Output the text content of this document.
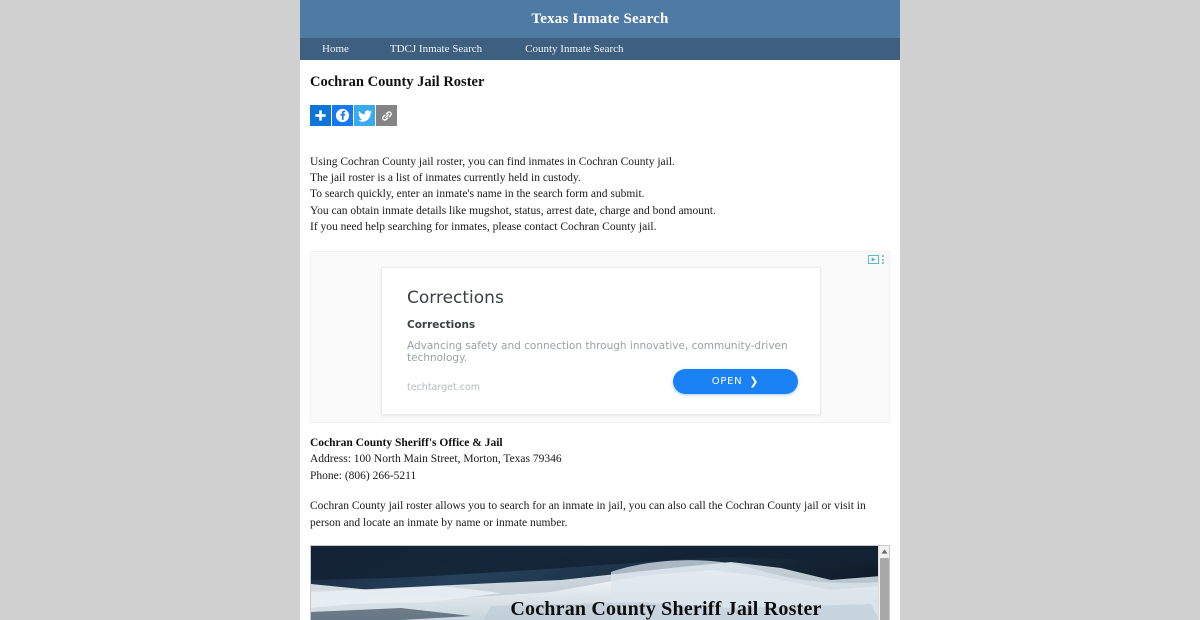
Texas Inmate Search
Home	TDCJ Inmate Search	County Inmate Search
Cochran County Jail Roster
Using Cochran County jail roster, you can find inmates in Cochran County jail.
The jail roster is a list of inmates currently held in custody.
To search quickly, enter an inmate's name in the search form and submit.
You can obtain inmate details like mugshot, status, arrest date, charge and bond amount.
If you need help searching for inmates, please contact Cochran County jail.
Corrections
Corrections
Advancing safety and connection through innovative, community-driven technology.
techtarget.com
OPEN ❯
Cochran County Sheriff's Office & Jail
Address: 100 North Main Street, Morton, Texas 79346
Phone: (806) 266-5211
Cochran County jail roster allows you to search for an inmate in jail, you can also call the Cochran County jail or visit in person and locate an inmate by name or inmate number.
Cochran County Sheriff Jail Roster
